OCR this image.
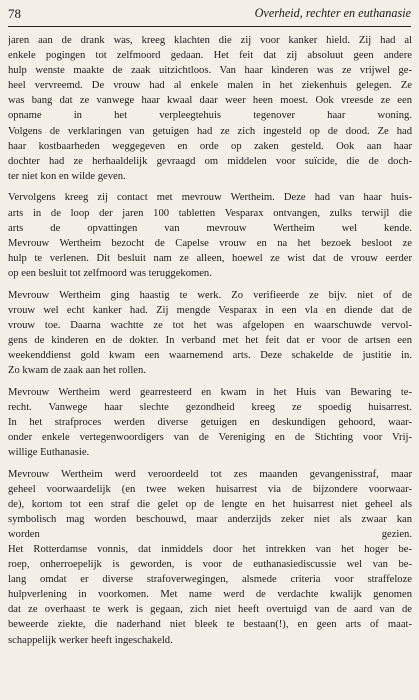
78	Overheid, rechter en euthanasie
jaren aan de drank was, kreeg klachten die zij voor kanker hield. Zij had al
enkele pogingen tot zelfmoord gedaan. Het feit dat zij absoluut geen andere
hulp wenste maakte de zaak uitzichtloos. Van haar kinderen was ze vrijwel ge-
heel vervreemd. De vrouw had al enkele malen in het ziekenhuis gelegen. Ze
was bang dat ze vanwege haar kwaal daar weer heen moest. Ook vreesde ze een
opname in het verpleegtehuis tegenover haar woning.
Volgens de verklaringen van getuigen had ze zich ingesteld op de dood. Ze had
haar kostbaarheden weggegeven en orde op zaken gesteld. Ook aan haar
dochter had ze herhaaldelijk gevraagd om middelen voor suïcide, die de doch-
ter niet kon en wilde geven.
Vervolgens kreeg zij contact met mevrouw Wertheim. Deze had van haar huis-
arts in de loop der jaren 100 tabletten Vesparax ontvangen, zulks terwijl die
arts de opvattingen van mevrouw Wertheim wel kende.
Mevrouw Wertheim bezocht de Capelse vrouw en na het bezoek besloot ze
hulp te verlenen. Dit besluit nam ze alleen, hoewel ze wist dat de vrouw eerder
op een besluit tot zelfmoord was teruggekomen.
Mevrouw Wertheim ging haastig te werk. Zo verifieerde ze bijv. niet of de
vrouw wel echt kanker had. Zij mengde Vesparax in een vla en diende dat de
vrouw toe. Daarna wachtte ze tot het was afgelopen en waarschuwde vervol-
gens de kinderen en de dokter. In verband met het feit dat er voor de artsen een
weekenddienst gold kwam een waarnemend arts. Deze schakelde de justitie in.
Zo kwam de zaak aan het rollen.
Mevrouw Wertheim werd gearresteerd en kwam in het Huis van Bewaring te-
recht. Vanwege haar slechte gezondheid kreeg ze spoedig huisarrest.
In het strafproces werden diverse getuigen en deskundigen gehoord, waar-
onder enkele vertegenwoordigers van de Vereniging en de Stichting voor Vrij-
willige Euthanasie.
Mevrouw Wertheim werd veroordeeld tot zes maanden gevangenisstraf, maar
geheel voorwaardelijk (en twee weken huisarrest via de bijzondere voorwaar-
de), kortom tot een straf die gelet op de lengte en het huisarrest niet geheel als
symbolisch mag worden beschouwd, maar anderzijds zeker niet als zwaar kan
worden gezien.
Het Rotterdamse vonnis, dat inmiddels door het intrekken van het hoger be-
roep, onherroepelijk is geworden, is voor de euthanasiediscussie wel van be-
lang omdat er diverse strafoverwegingen, alsmede criteria voor straffeloze
hulpverlening in voorkomen. Met name werd de verdachte kwalijk genomen
dat ze overhaast te werk is gegaan, zich niet heeft overtuigd van de aard van de
beweerde ziekte, die naderhand niet bleek te bestaan(!), en geen arts of maat-
schappelijk werker heeft ingeschakeld.
